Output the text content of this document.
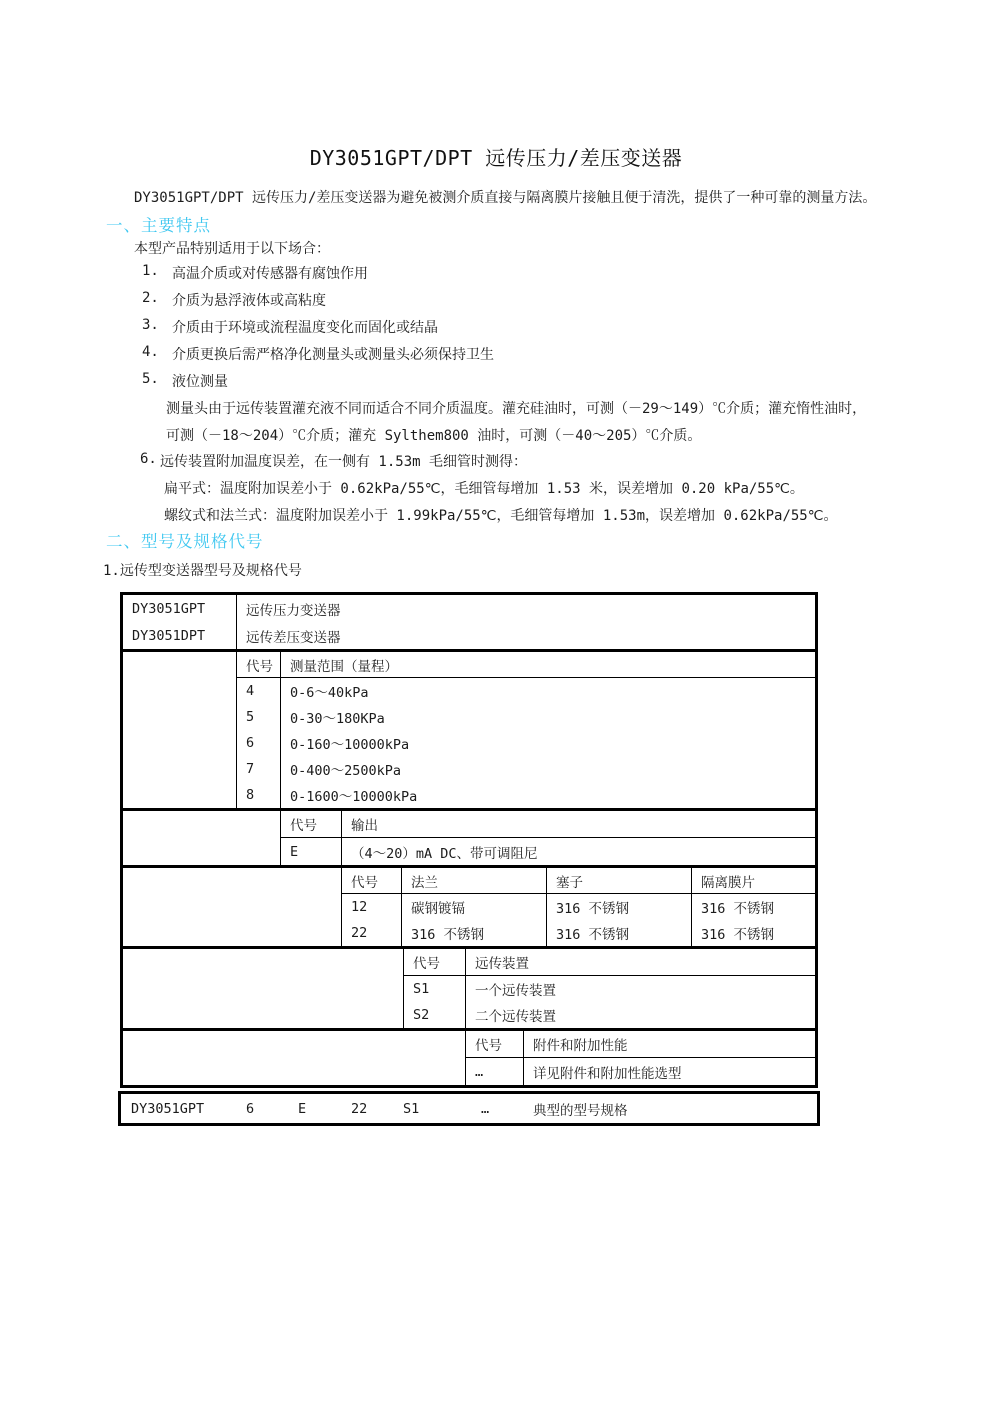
DY3051GPT/DPT 远传压力/差压变送器
DY3051GPT/DPT 远传压力/差压变送器为避免被测介质直接与隔离膜片接触且便于清洗，提供了一种可靠的测量方法。
一、主要特点
本型产品特别适用于以下场合：
1. 高温介质或对传感器有腐蚀作用
2. 介质为悬浮液体或高粘度
3. 介质由于环境或流程温度变化而固化或结晶
4. 介质更换后需严格净化测量头或测量头必须保持卫生
5. 液位测量
测量头由于远传装置灌充液不同而适合不同介质温度。灌充硅油时，可测（－29～149）℃介质；灌充惰性油时，
可测（－18～204）℃介质；灌充 Sylthem800 油时，可测（－40～205）℃介质。
6. 远传装置附加温度误差，在一侧有 1.53m 毛细管时测得：
扁平式：温度附加误差小于 0.62kPa/55℃，毛细管每增加 1.53 米，误差增加 0.20 kPa/55℃。
螺纹式和法兰式：温度附加误差小于 1.99kPa/55℃，毛细管每增加 1.53m，误差增加 0.62kPa/55℃。
二、型号及规格代号
1.远传型变送器型号及规格代号
DY3051GPT	远传压力变送器
DY3051DPT	远传差压变送器
代号	测量范围（量程）
4	0-6～40kPa
5	0-30～180KPa
6	0-160～10000kPa
7	0-400～2500kPa
8	0-1600～10000kPa
代号	输出
E	（4～20）mA DC、带可调阻尼
代号	法兰	塞子	隔离膜片
12	碳钢镀镉	316 不锈钢	316 不锈钢
22	316 不锈钢	316 不锈钢	316 不锈钢
代号	远传装置
S1	一个远传装置
S2	二个远传装置
代号	附件和附加性能
…	详见附件和附加性能选型
DY3051GPT	6	E	22	S1	…	典型的型号规格
